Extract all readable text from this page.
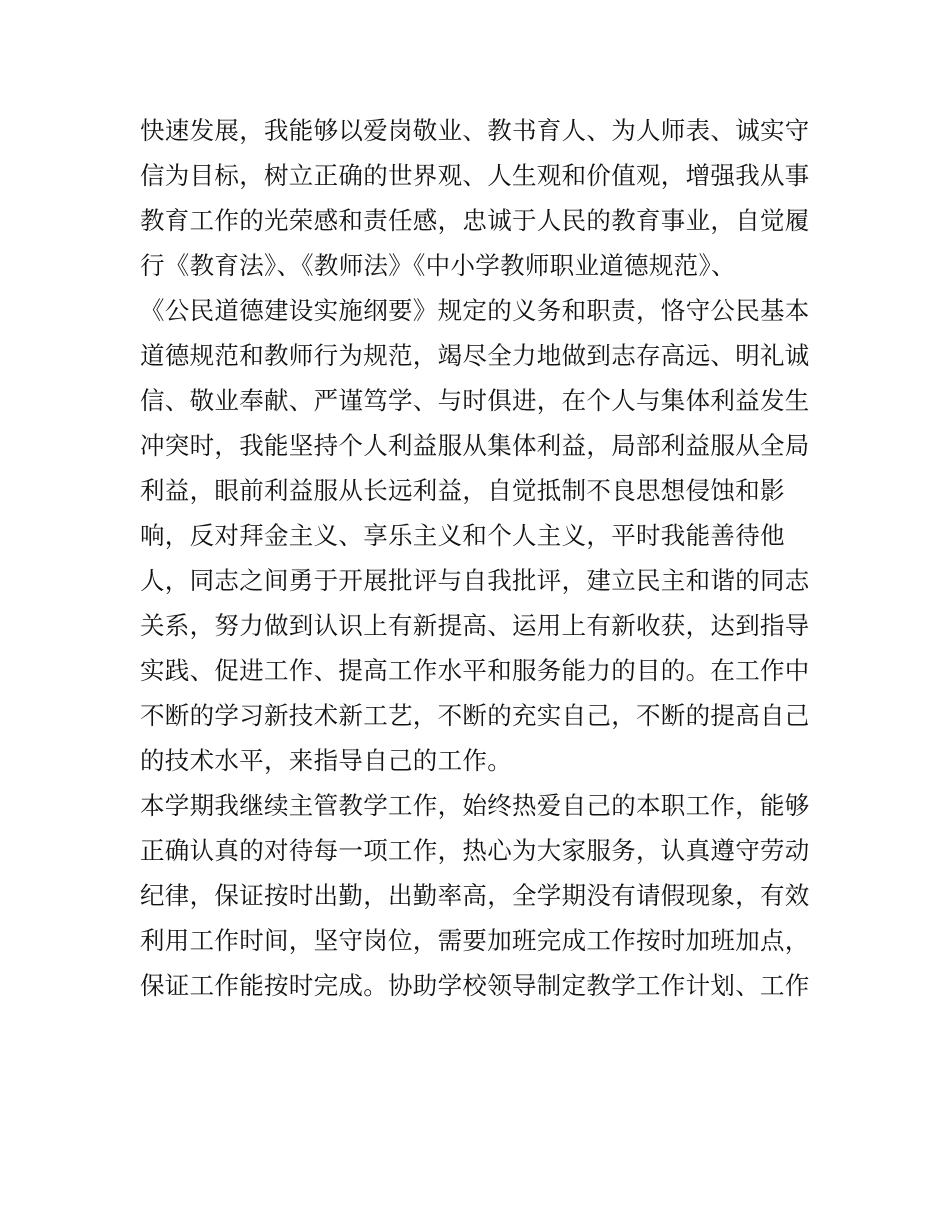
快速发展，我能够以爱岗敬业、教书育人、为人师表、诚实守
信为目标，树立正确的世界观、人生观和价值观，增强我从事
教育工作的光荣感和责任感，忠诚于人民的教育事业，自觉履
行《教育法》、《教师法》《中小学教师职业道德规范》、
《公民道德建设实施纲要》规定的义务和职责，恪守公民基本
道德规范和教师行为规范，竭尽全力地做到志存高远、明礼诚
信、敬业奉献、严谨笃学、与时俱进，在个人与集体利益发生
冲突时，我能坚持个人利益服从集体利益，局部利益服从全局
利益，眼前利益服从长远利益，自觉抵制不良思想侵蚀和影
响，反对拜金主义、享乐主义和个人主义，平时我能善待他
人，同志之间勇于开展批评与自我批评，建立民主和谐的同志
关系，努力做到认识上有新提高、运用上有新收获，达到指导
实践、促进工作、提高工作水平和服务能力的目的。在工作中
不断的学习新技术新工艺，不断的充实自己，不断的提高自己
的技术水平，来指导自己的工作。
本学期我继续主管教学工作，始终热爱自己的本职工作，能够
正确认真的对待每一项工作，热心为大家服务，认真遵守劳动
纪律，保证按时出勤，出勤率高，全学期没有请假现象，有效
利用工作时间，坚守岗位，需要加班完成工作按时加班加点，
保证工作能按时完成。协助学校领导制定教学工作计划、工作
